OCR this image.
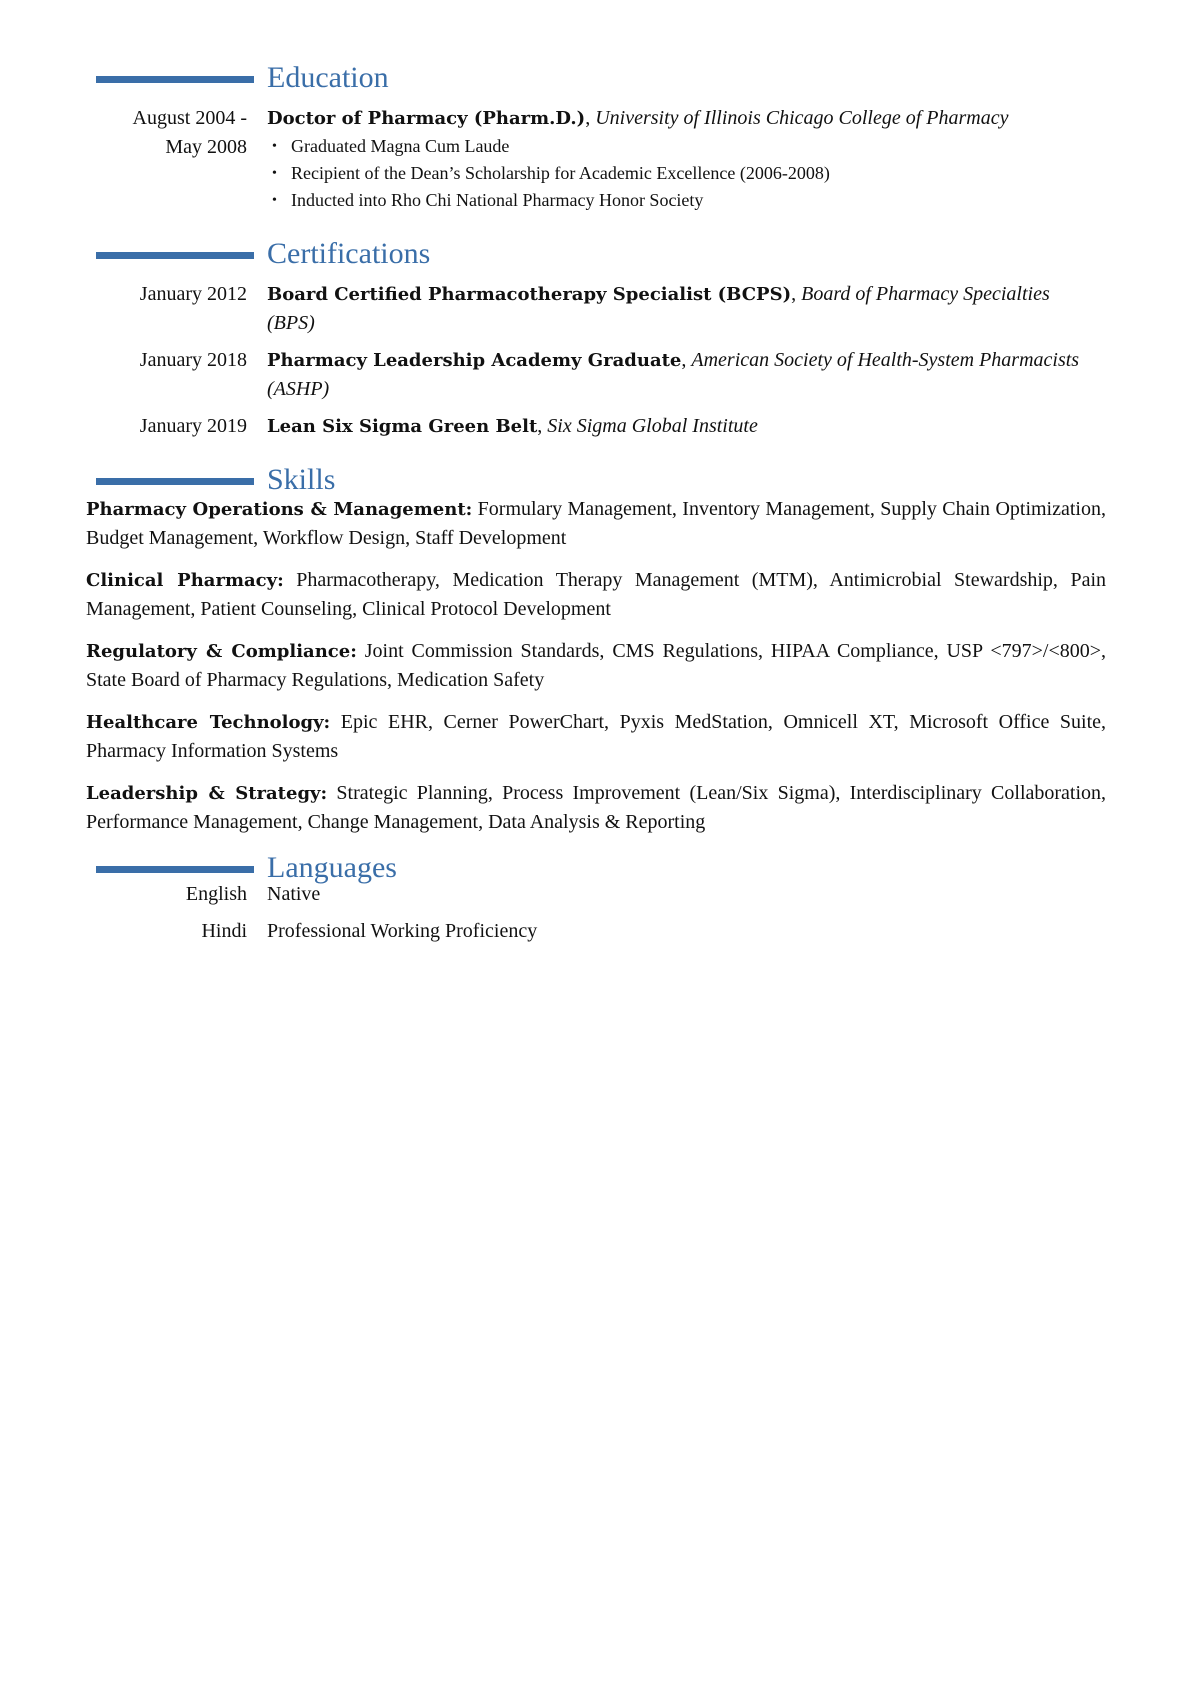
Education
August 2004 -
May 2008
Doctor of Pharmacy (Pharm.D.), University of Illinois Chicago College of Pharmacy
• Graduated Magna Cum Laude
• Recipient of the Dean’s Scholarship for Academic Excellence (2006-2008)
• Inducted into Rho Chi National Pharmacy Honor Society
Certifications
January 2012 Board Certified Pharmacotherapy Specialist (BCPS), Board of Pharmacy Specialties (BPS)
January 2018 Pharmacy Leadership Academy Graduate, American Society of Health-System Pharmacists (ASHP)
January 2019 Lean Six Sigma Green Belt, Six Sigma Global Institute
Skills
Pharmacy Operations & Management: Formulary Management, Inventory Management, Supply Chain Optimization, Budget Management, Workflow Design, Staff Development
Clinical Pharmacy: Pharmacotherapy, Medication Therapy Management (MTM), Antimicrobial Stewardship, Pain Management, Patient Counseling, Clinical Protocol Development
Regulatory & Compliance: Joint Commission Standards, CMS Regulations, HIPAA Compliance, USP <797>/<800>, State Board of Pharmacy Regulations, Medication Safety
Healthcare Technology: Epic EHR, Cerner PowerChart, Pyxis MedStation, Omnicell XT, Microsoft Office Suite, Pharmacy Information Systems
Leadership & Strategy: Strategic Planning, Process Improvement (Lean/Six Sigma), Interdisciplinary Collaboration, Performance Management, Change Management, Data Analysis & Reporting
Languages
English Native
Hindi Professional Working Proficiency
